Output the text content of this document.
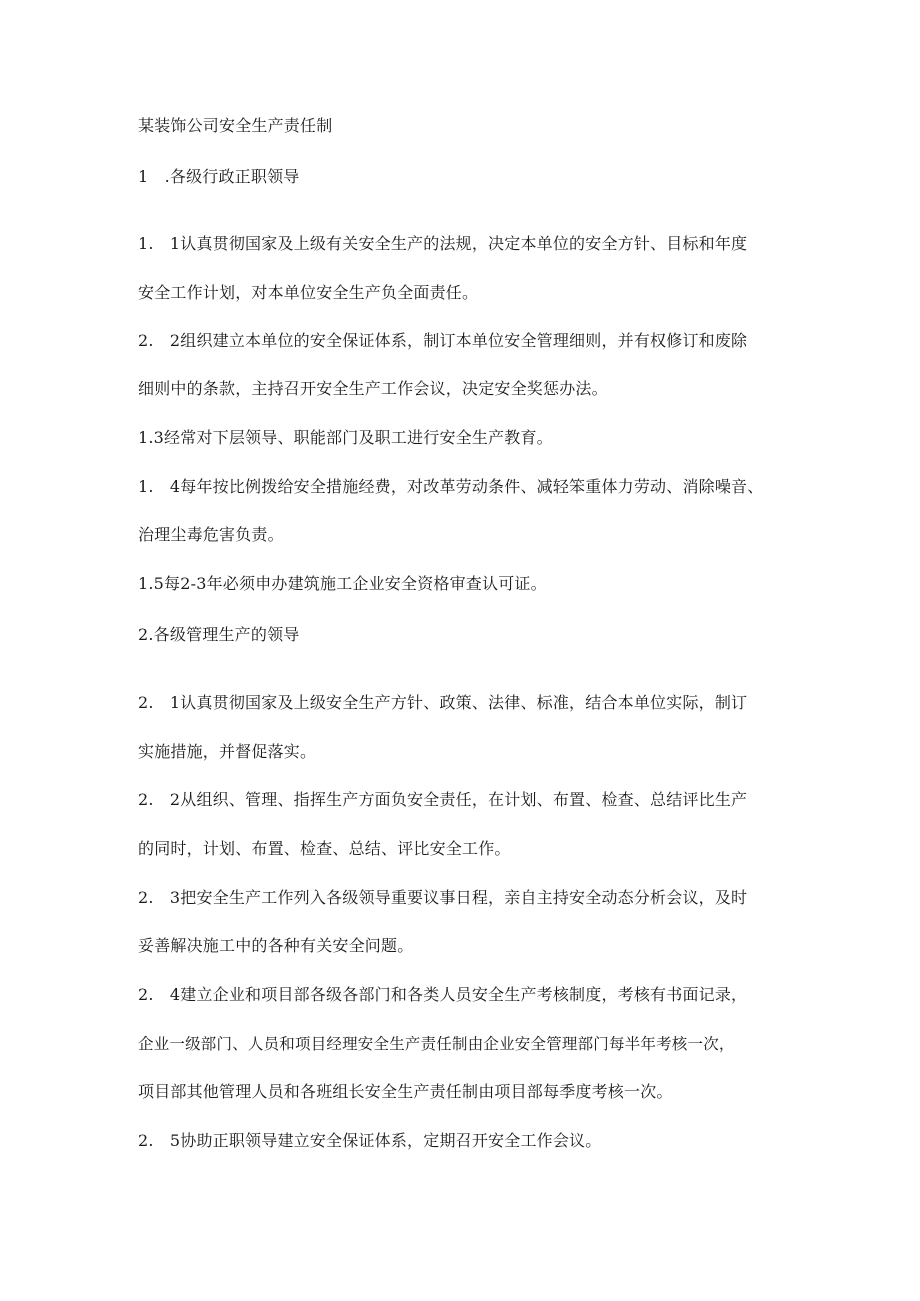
某装饰公司安全生产责任制
1　.各级行政正职领导
1.　1认真贯彻国家及上级有关安全生产的法规，决定本单位的安全方针、目标和年度
安全工作计划，对本单位安全生产负全面责任。
2.　2组织建立本单位的安全保证体系，制订本单位安全管理细则，并有权修订和废除
细则中的条款，主持召开安全生产工作会议，决定安全奖惩办法。
1.3经常对下层领导、职能部门及职工进行安全生产教育。
1.　4每年按比例拨给安全措施经费，对改革劳动条件、减轻笨重体力劳动、消除噪音、
治理尘毒危害负责。
1.5每2-3年必须申办建筑施工企业安全资格审查认可证。
2.各级管理生产的领导
2.　1认真贯彻国家及上级安全生产方针、政策、法律、标准，结合本单位实际，制订
实施措施，并督促落实。
2.　2从组织、管理、指挥生产方面负安全责任，在计划、布置、检查、总结评比生产
的同时，计划、布置、检查、总结、评比安全工作。
2.　3把安全生产工作列入各级领导重要议事日程，亲自主持安全动态分析会议，及时
妥善解决施工中的各种有关安全问题。
2.　4建立企业和项目部各级各部门和各类人员安全生产考核制度，考核有书面记录，
企业一级部门、人员和项目经理安全生产责任制由企业安全管理部门每半年考核一次，
项目部其他管理人员和各班组长安全生产责任制由项目部每季度考核一次。
2.　5协助正职领导建立安全保证体系，定期召开安全工作会议。
